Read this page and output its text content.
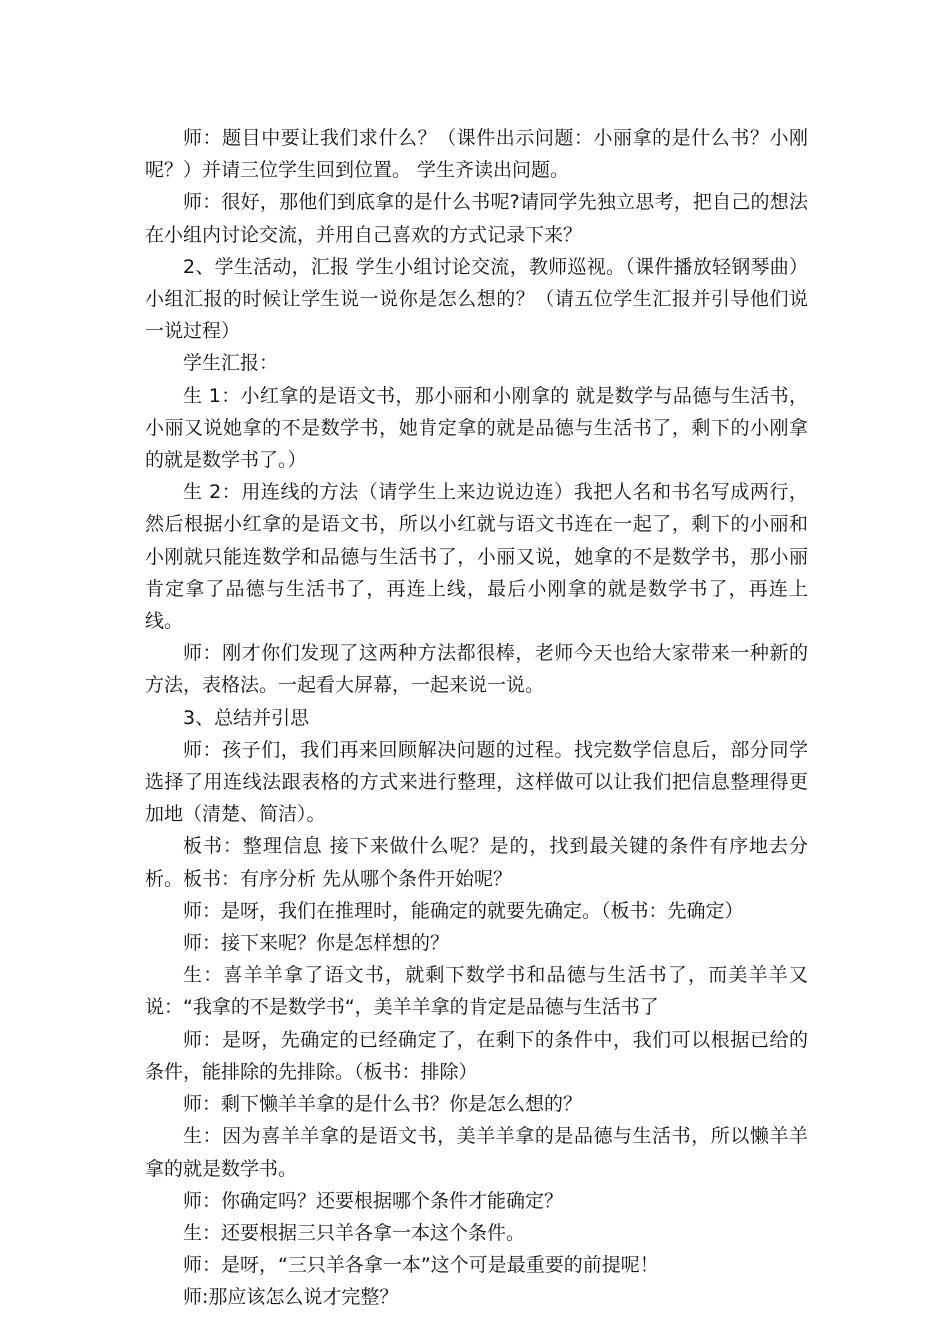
师：题目中要让我们求什么？（课件出示问题：小丽拿的是什么书？小刚呢？）并请三位学生回到位置。 学生齐读出问题。

师：很好，那他们到底拿的是什么书呢?请同学先独立思考，把自己的想法在小组内讨论交流，并用自己喜欢的方式记录下来？

2、学生活动，汇报 学生小组讨论交流，教师巡视。（课件播放轻钢琴曲）小组汇报的时候让学生说一说你是怎么想的？（请五位学生汇报并引导他们说一说过程）

学生汇报：

生 1：小红拿的是语文书，那小丽和小刚拿的 就是数学与品德与生活书，小丽又说她拿的不是数学书，她肯定拿的就是品德与生活书了，剩下的小刚拿的就是数学书了。）

生 2：用连线的方法（请学生上来边说边连）我把人名和书名写成两行，然后根据小红拿的是语文书，所以小红就与语文书连在一起了，剩下的小丽和小刚就只能连数学和品德与生活书了，小丽又说，她拿的不是数学书，那小丽肯定拿了品德与生活书了，再连上线，最后小刚拿的就是数学书了，再连上线。

师：刚才你们发现了这两种方法都很棒，老师今天也给大家带来一种新的方法，表格法。一起看大屏幕，一起来说一说。

3、总结并引思

师：孩子们，我们再来回顾解决问题的过程。找完数学信息后，部分同学选择了用连线法跟表格的方式来进行整理，这样做可以让我们把信息整理得更加地（清楚、简洁）。

板书：整理信息 接下来做什么呢？是的，找到最关键的条件有序地去分析。板书：有序分析 先从哪个条件开始呢？

师：是呀，我们在推理时，能确定的就要先确定。（板书：先确定）

师：接下来呢？你是怎样想的？

生：喜羊羊拿了语文书，就剩下数学书和品德与生活书了，而美羊羊又说：“我拿的不是数学书“，美羊羊拿的肯定是品德与生活书了

师：是呀，先确定的已经确定了，在剩下的条件中，我们可以根据已给的条件，能排除的先排除。（板书：排除）

师：剩下懒羊羊拿的是什么书？你是怎么想的？

生：因为喜羊羊拿的是语文书，美羊羊拿的是品德与生活书，所以懒羊羊拿的就是数学书。

师：你确定吗？还要根据哪个条件才能确定？

生：还要根据三只羊各拿一本这个条件。

师：是呀，“三只羊各拿一本”这个可是最重要的前提呢！

师:那应该怎么说才完整？
